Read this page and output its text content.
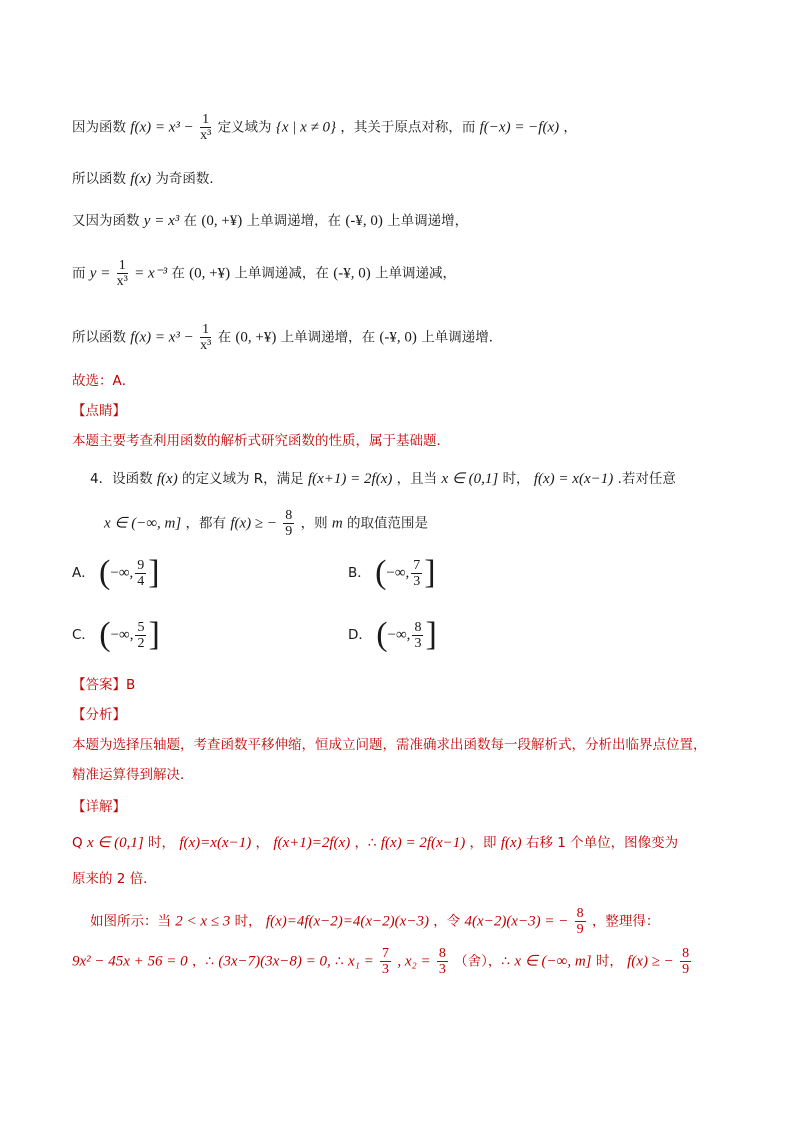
因为函数 $f(x) = x^3 - \frac{1}{\text{x³}}$ 定义域为 {x | x ≠ 0} ，其关于原点对称，而 f(−x) = −f(x) ，
所以函数 f(x) 为奇函数．
又因为函数 y = x³ 在 (0, +¥) 上单调递增，在 (-¥, 0) 上单调递增，
而 $y = \frac{1}{\text{x³}} = x^{-3}$ 在 (0, +¥) 上单调递减，在 (-¥, 0) 上单调递减，
所以函数 $f(x) = x^3 - \frac{1}{\text{x³}}$ 在 (0, +¥) 上单调递增，在 (-¥, 0) 上单调递增．
故选：A．
【点睛】
本题主要考查利用函数的解析式研究函数的性质，属于基础题．
4．设函数 f(x) 的定义域为 R，满足 f(x+1) = 2f(x) ，且当 x ∈ (0,1] 时， f(x) = x(x−1) .若对任意
x ∈ (−∞, m] ，都有 f(x) ≥ − $\frac{8}{9}$ ，则 m 的取值范围是
A． (−∞, $\frac{9}{4}$ ]	B． (−∞, $\frac{7}{3}$ ]
C． (−∞, $\frac{5}{2}$ ]	D． (−∞, $\frac{8}{3}$ ]
【答案】B
【分析】
本题为选择压轴题，考查函数平移伸缩，恒成立问题，需准确求出函数每一段解析式，分析出临界点位置，
精准运算得到解决．
【详解】
Q x ∈ (0,1] 时， f(x)=x(x−1) ， f(x+1)=2f(x) ，∴ f(x) = 2f(x−1) ，即 f(x) 右移 1 个单位，图像变为
原来的 2 倍．
如图所示：当 2 < x ≤ 3 时， f(x)=4f(x−2)=4(x−2)(x−3) ，令 4(x−2)(x−3) = − $\frac{8}{9}$ ，整理得：
9x² − 45x + 56 = 0 ，∴ (3x−7)(3x−8) = 0, ∴ $x_1 = \frac{7}{3}$ , $x_2 = \frac{8}{3}$ （舍），∴ x ∈ (−∞, m] 时， f(x) ≥ − $\frac{8}{9}$
